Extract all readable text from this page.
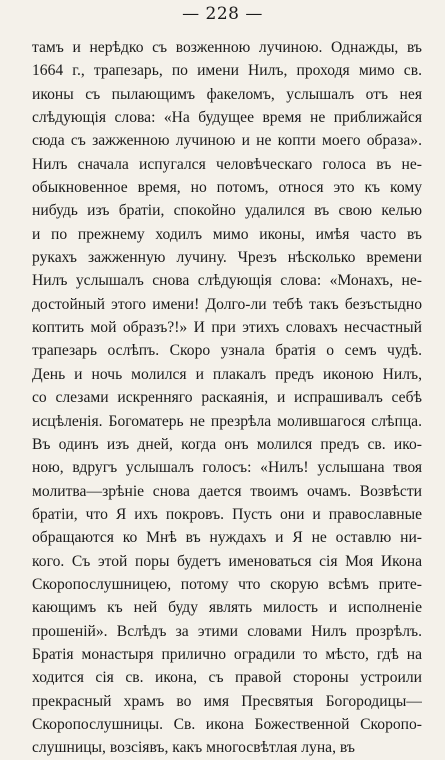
— 228 —
тамъ и нерѣдко съ возженною лучиною. Однажды, въ
1664 г., трапезарь, по имени Нилъ, проходя мимо св.
иконы съ пылающимъ факеломъ, услышалъ отъ нея
слѣдующія слова: «На будущее время не приближайся
сюда съ зажженною лучиною и не копти моего образа».
Нилъ сначала испугался человѣческаго голоса въ не-
обыкновенное время, но потомъ, относя это къ кому
нибудь изъ братіи, спокойно удалился въ свою келью
и по прежнему ходилъ мимо иконы, имѣя часто въ
рукахъ зажженную лучину. Чрезъ нѣсколько времени
Нилъ услышалъ снова слѣдующія слова: «Монахъ, не-
достойный этого имени! Долго-ли тебѣ такъ безъстыдно
коптить мой образъ?!» И при этихъ словахъ несчастный
трапезарь ослѣпъ. Скоро узнала братія о семъ чудѣ.
День и ночь молился и плакалъ предъ иконою Нилъ,
со слезами искренняго раскаянія, и испрашивалъ себѣ
исцѣленія. Богоматерь не презрѣла молившагося слѣпца.
Въ одинъ изъ дней, когда онъ молился предъ св. ико-
ною, вдругъ услышалъ голосъ: «Нилъ! услышана твоя
молитва—зрѣніе снова дается твоимъ очамъ. Возвѣсти
братіи, что Я ихъ покровъ. Пусть они и православные
обращаются ко Мнѣ въ нуждахъ и Я не оставлю ни-
кого. Съ этой поры будетъ именоваться сія Моя Икона
Скоропослушницею, потому что скорую всѣмъ прите-
кающимъ къ ней буду являть милость и исполненіе
прошеній». Вслѣдъ за этими словами Нилъ прозрѣлъ.
Братія монастыря прилично оградили то мѣсто, гдѣ на
ходится сія св. икона, съ правой стороны устроили
прекрасный храмъ во имя Пресвятыя Богородицы—
Скоропослушницы. Св. икона Божественной Скоропо-
слушницы, возсіявъ, какъ многосвѣтлая луна, въ
